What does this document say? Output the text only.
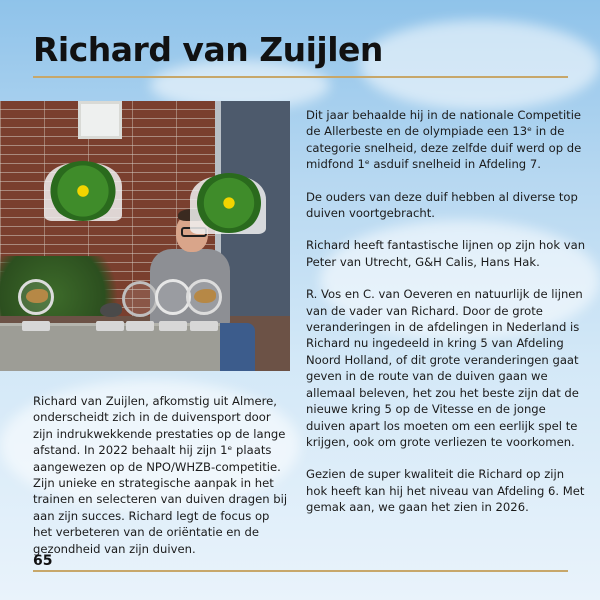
Richard van Zuijlen

Dit jaar behaalde hij in de nationale Competitie de Allerbeste en de olympiade een 13ᵉ in de categorie snelheid, deze zelfde duif werd op de midfond 1ᵉ asduif snelheid in Afdeling 7.

De ouders van deze duif hebben al diverse top duiven voortgebracht.

Richard heeft fantastische lijnen op zijn hok van Peter van Utrecht, G&H Calis, Hans Hak.

R. Vos en C. van Oeveren en natuurlijk de lijnen van de vader van Richard. Door de grote veranderingen in de afdelingen in Nederland is Richard nu ingedeeld in kring 5 van Afdeling Noord Holland, of dit grote veranderingen gaat geven in de route van de duiven gaan we allemaal beleven, het zou het beste zijn dat de nieuwe kring 5 op de Vitesse en de jonge duiven apart los moeten om een eerlijk spel te krijgen, ook om grote verliezen te voorkomen.

Gezien de super kwaliteit die Richard op zijn hok heeft kan hij het niveau van Afdeling 6. Met gemak aan, we gaan het zien in 2026.

Richard van Zuijlen, afkomstig uit Almere, onderscheidt zich in de duivensport door zijn indrukwekkende prestaties op de lange afstand. In 2022 behaalt hij zijn 1ᵉ plaats aangewezen op de NPO/WHZB-competitie. Zijn unieke en strategische aanpak in het trainen en selecteren van duiven dragen bij aan zijn succes. Richard legt de focus op het verbeteren van de oriëntatie en de gezondheid van zijn duiven.

65
